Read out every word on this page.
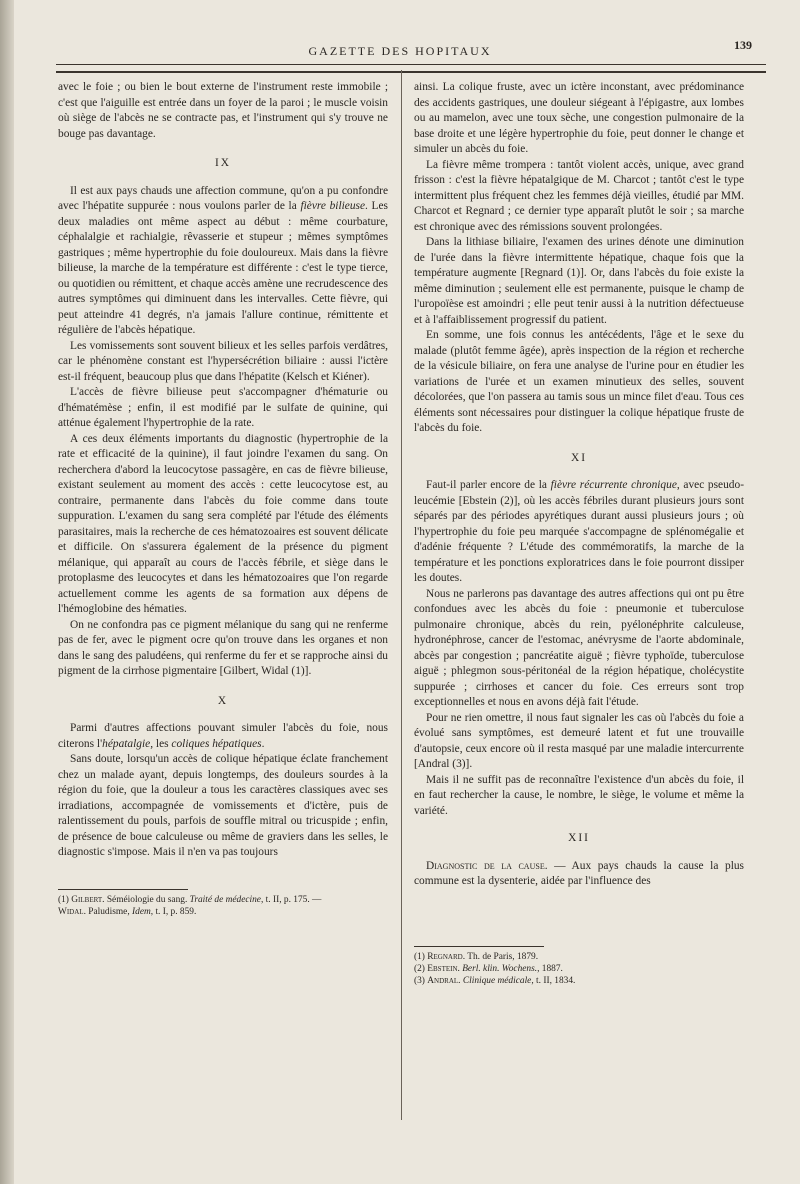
GAZETTE DES HOPITAUX	139

avec le foie ; ou bien le bout externe de l'instrument reste immobile ; c'est que l'aiguille est entrée dans un foyer de la paroi ; le muscle voisin où siège de l'abcès ne se contracte pas, et l'instrument qui s'y trouve ne bouge pas davantage.

IX

Il est aux pays chauds une affection commune, qu'on a pu confondre avec l'hépatite suppurée : nous voulons parler de la fièvre bilieuse. Les deux maladies ont même aspect au début : même courbature, céphalalgie et rachialgie, rêvasserie et stupeur ; mêmes symptômes gastriques ; même hypertrophie du foie douloureux. Mais dans la fièvre bilieuse, la marche de la température est différente : c'est le type tierce, ou quotidien ou rémittent, et chaque accès amène une recrudescence des autres symptômes qui diminuent dans les intervalles. Cette fièvre, qui peut atteindre 41 degrés, n'a jamais l'allure continue, rémittente et régulière de l'abcès hépatique.

Les vomissements sont souvent bilieux et les selles parfois verdâtres, car le phénomène constant est l'hypersécrétion biliaire : aussi l'ictère est-il fréquent, beaucoup plus que dans l'hépatite (Kelsch et Kiéner).

L'accès de fièvre bilieuse peut s'accompagner d'hématurie ou d'hématémèse ; enfin, il est modifié par le sulfate de quinine, qui atténue également l'hypertrophie de la rate.

A ces deux éléments importants du diagnostic (hypertrophie de la rate et efficacité de la quinine), il faut joindre l'examen du sang. On recherchera d'abord la leucocytose passagère, en cas de fièvre bilieuse, existant seulement au moment des accès : cette leucocytose est, au contraire, permanente dans l'abcès du foie comme dans toute suppuration. L'examen du sang sera complété par l'étude des éléments parasitaires, mais la recherche de ces hématozoaires est souvent délicate et difficile. On s'assurera également de la présence du pigment mélanique, qui apparaît au cours de l'accès fébrile, et siège dans le protoplasme des leucocytes et dans les hématozoaires que l'on regarde actuellement comme les agents de sa formation aux dépens de l'hémoglobine des hématies.

On ne confondra pas ce pigment mélanique du sang qui ne renferme pas de fer, avec le pigment ocre qu'on trouve dans les organes et non dans le sang des paludéens, qui renferme du fer et se rapproche ainsi du pigment de la cirrhose pigmentaire [Gilbert, Widal (1)].

X

Parmi d'autres affections pouvant simuler l'abcès du foie, nous citerons l'hépatalgie, les coliques hépatiques.

Sans doute, lorsqu'un accès de colique hépatique éclate franchement chez un malade ayant, depuis longtemps, des douleurs sourdes à la région du foie, que la douleur a tous les caractères classiques avec ses irradiations, accompagnée de vomissements et d'ictère, puis de ralentissement du pouls, parfois de souffle mitral ou tricuspide ; enfin, de présence de boue calculeuse ou même de graviers dans les selles, le diagnostic s'impose. Mais il n'en va pas toujours

(1) Gilbert. Séméiologie du sang. Traité de médecine, t. II, p. 175. —
Widal. Paludisme, Idem, t. I, p. 859.

ainsi. La colique fruste, avec un ictère inconstant, avec prédominance des accidents gastriques, une douleur siégeant à l'épigastre, aux lombes ou au mamelon, avec une toux sèche, une congestion pulmonaire de la base droite et une légère hypertrophie du foie, peut donner le change et simuler un abcès du foie.

La fièvre même trompera : tantôt violent accès, unique, avec grand frisson : c'est la fièvre hépatalgique de M. Charcot ; tantôt c'est le type intermittent plus fréquent chez les femmes déjà vieilles, étudié par MM. Charcot et Regnard ; ce dernier type apparaît plutôt le soir ; sa marche est chronique avec des rémissions souvent prolongées.

Dans la lithiase biliaire, l'examen des urines dénote une diminution de l'urée dans la fièvre intermittente hépatique, chaque fois que la température augmente [Regnard (1)]. Or, dans l'abcès du foie existe la même diminution ; seulement elle est permanente, puisque le champ de l'uropoïèse est amoindri ; elle peut tenir aussi à la nutrition défectueuse et à l'affaiblissement progressif du patient.

En somme, une fois connus les antécédents, l'âge et le sexe du malade (plutôt femme âgée), après inspection de la région et recherche de la vésicule biliaire, on fera une analyse de l'urine pour en étudier les variations de l'urée et un examen minutieux des selles, souvent décolorées, que l'on passera au tamis sous un mince filet d'eau. Tous ces éléments sont nécessaires pour distinguer la colique hépatique fruste de l'abcès du foie.

XI

Faut-il parler encore de la fièvre récurrente chronique, avec pseudo-leucémie [Ebstein (2)], où les accès fébriles durant plusieurs jours sont séparés par des périodes apyrétiques durant aussi plusieurs jours ; où l'hypertrophie du foie peu marquée s'accompagne de splénomégalie et d'adénie fréquente ? L'étude des commémoratifs, la marche de la température et les ponctions exploratrices dans le foie pourront dissiper les doutes.

Nous ne parlerons pas davantage des autres affections qui ont pu être confondues avec les abcès du foie : pneumonie et tuberculose pulmonaire chronique, abcès du rein, pyélonéphrite calculeuse, hydronéphrose, cancer de l'estomac, anévrysme de l'aorte abdominale, abcès par congestion ; pancréatite aiguë ; fièvre typhoïde, tuberculose aiguë ; phlegmon sous-péritonéal de la région hépatique, cholécystite suppurée ; cirrhoses et cancer du foie. Ces erreurs sont trop exceptionnelles et nous en avons déjà fait l'étude.

Pour ne rien omettre, il nous faut signaler les cas où l'abcès du foie a évolué sans symptômes, est demeuré latent et fut une trouvaille d'autopsie, ceux encore où il resta masqué par une maladie intercurrente [Andral (3)].

Mais il ne suffit pas de reconnaître l'existence d'un abcès du foie, il en faut rechercher la cause, le nombre, le siège, le volume et même la variété.

XII

Diagnostic de la cause. — Aux pays chauds la cause la plus commune est la dysenterie, aidée par l'influence des

(1) Regnard. Th. de Paris, 1879.
(2) Ebstein. Berl. klin. Wochens., 1887.
(3) Andral. Clinique médicale, t. II, 1834.
